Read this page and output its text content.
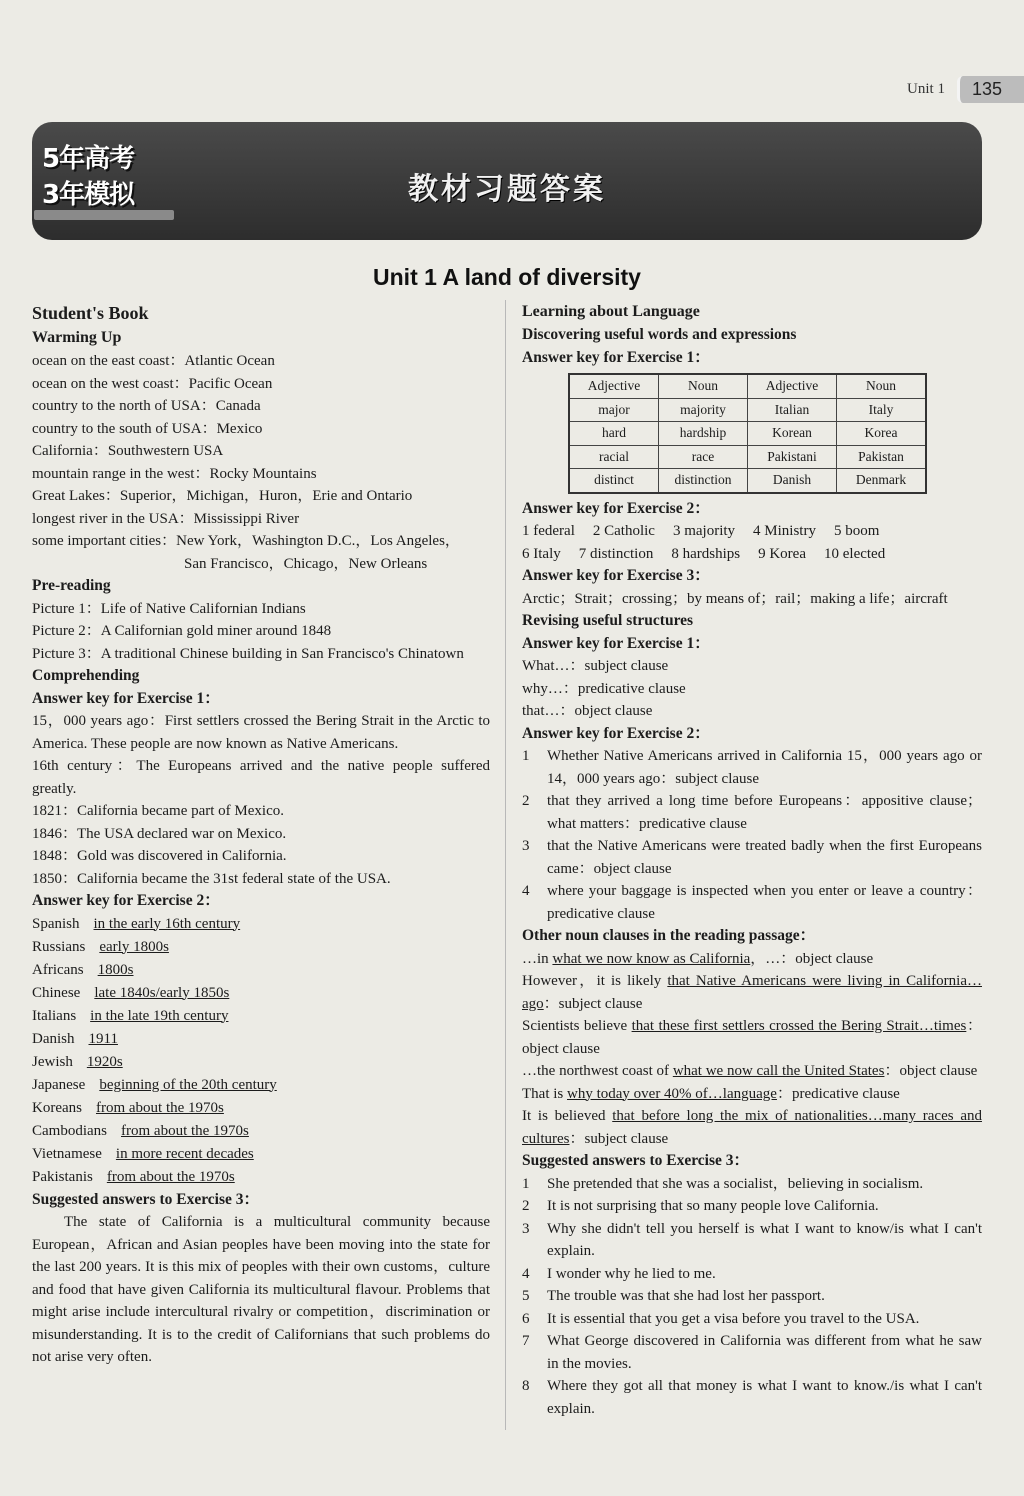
Unit 1	135
5年高考
3年模拟	教材习题答案
Unit 1 A land of diversity
Student's Book
Warming Up
ocean on the east coast：Atlantic Ocean
ocean on the west coast：Pacific Ocean
country to the north of USA：Canada
country to the south of USA：Mexico
California：Southwestern USA
mountain range in the west：Rocky Mountains
Great Lakes：Superior，Michigan，Huron，Erie and Ontario
longest river in the USA：Mississippi River
some important cities：New York，Washington D.C.，Los Angeles，
San Francisco，Chicago，New Orleans
Pre-reading
Picture 1：Life of Native Californian Indians
Picture 2：A Californian gold miner around 1848
Picture 3：A traditional Chinese building in San Francisco's Chinatown
Comprehending
Answer key for Exercise 1：
15，000 years ago：First settlers crossed the Bering Strait in the Arctic to America. These people are now known as Native Americans.
16th century：The Europeans arrived and the native people suffered greatly.
1821：California became part of Mexico.
1846：The USA declared war on Mexico.
1848：Gold was discovered in California.
1850：California became the 31st federal state of the USA.
Answer key for Exercise 2：
Spanish in the early 16th century
Russians early 1800s
Africans 1800s
Chinese late 1840s/early 1850s
Italians in the late 19th century
Danish 1911
Jewish 1920s
Japanese beginning of the 20th century
Koreans from about the 1970s
Cambodians from about the 1970s
Vietnamese in more recent decades
Pakistanis from about the 1970s
Suggested answers to Exercise 3：
The state of California is a multicultural community because European，African and Asian peoples have been moving into the state for the last 200 years. It is this mix of peoples with their own customs，culture and food that have given California its multicultural flavour. Problems that might arise include intercultural rivalry or competition，discrimination or misunderstanding. It is to the credit of Californians that such problems do not arise very often.
Learning about Language
Discovering useful words and expressions
Answer key for Exercise 1：
Adjective	Noun	Adjective	Noun
major	majority	Italian	Italy
hard	hardship	Korean	Korea
racial	race	Pakistani	Pakistan
distinct	distinction	Danish	Denmark
Answer key for Exercise 2：
1 federal 2 Catholic 3 majority 4 Ministry 5 boom
6 Italy 7 distinction 8 hardships 9 Korea 10 elected
Answer key for Exercise 3：
Arctic；Strait；crossing；by means of；rail；making a life；aircraft
Revising useful structures
Answer key for Exercise 1：
What…：subject clause
why…：predicative clause
that…：object clause
Answer key for Exercise 2：
1	Whether Native Americans arrived in California 15，000 years ago or 14，000 years ago：subject clause
2	that they arrived a long time before Europeans：appositive clause；what matters：predicative clause
3	that the Native Americans were treated badly when the first Europeans came：object clause
4	where your baggage is inspected when you enter or leave a country：predicative clause
Other noun clauses in the reading passage：
…in what we now know as California，…：object clause
However，it is likely that Native Americans were living in California…ago：subject clause
Scientists believe that these first settlers crossed the Bering Strait…times：object clause
…the northwest coast of what we now call the United States：object clause
That is why today over 40% of…language：predicative clause
It is believed that before long the mix of nationalities…many races and cultures：subject clause
Suggested answers to Exercise 3：
1	She pretended that she was a socialist，believing in socialism.
2	It is not surprising that so many people love California.
3	Why she didn't tell you herself is what I want to know/is what I can't explain.
4	I wonder why he lied to me.
5	The trouble was that she had lost her passport.
6	It is essential that you get a visa before you travel to the USA.
7	What George discovered in California was different from what he saw in the movies.
8	Where they got all that money is what I want to know./is what I can't explain.
